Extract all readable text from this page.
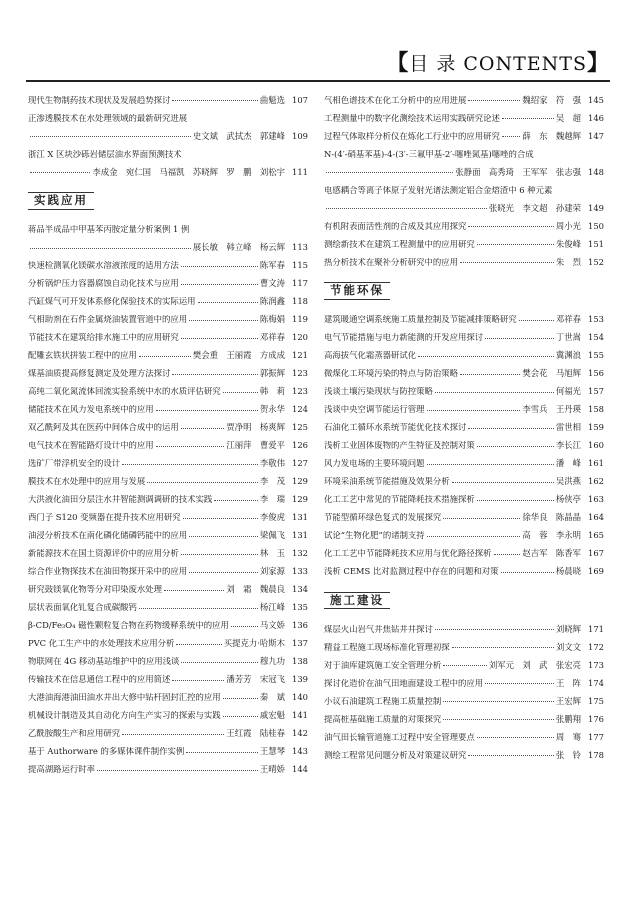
【目 录 CONTENTS】
现代生物制药技术现状及发展趋势探讨	曲魁选 107
正渗透膜技术在水处理领域的最新研究进展
史文斌　武拭杰　郭建峰 109
浙江 X 区块沙砾岩储层油水界面预测技术
李成金　宛仁国　马福凯　苏晓辉　罗　鹏　刘松宇 111
实践应用

蒋品半成品中甲基苯丙胺定量分析案例 1 例
展长敏　韩立峰　杨云辉 113
快速检测氧化镁碳水溶液浓度的适用方法	陈军春 115
分析锅炉压力容器腐蚀自动化技术与应用	曹文涛 117
汽缸煤气可开发体系修化保验技术的实际运用	陈润鑫 118
气相助剂在石件金属烧油装置管道中的应用	陈梅娟 119
节能技术在建筑给排水施工中的应用研究	邓祥春 120
配雕玄铁状拼装工程中的应用	樊会重　王丽霞　方成成 121
煤基油质提高修复测定及处理方法探讨	郭振辉 123
高纯二氧化氮流体回流实验系统中水的水质评估研究	韩　莉 123
储能技术在风力发电系统中的应用	贺永华 124
双乙酰阿及其在医药中间体合成中的运用	贾净明　杨爽辉 125
电气技术在智能路灯设计中的应用	江丽萍　曹爱平 126
选矿厂带浮机安全的设计	李敬伟 127
膜技术在水处理中的应用与发展	李　茂 129
大洪液化油田分层注水井智能测调调研的技术实践	李　瑞 129
西门子 S120 变频器在提升技术应用研究	李俊虎 131
油浸分析技术在南化磷化储磷钙能中的应用	梁佩飞 131
新能源技术在国土资源评价中的应用分析	林　玉 132
综合作业物探技术在油田物探开采中的应用	刘家源 133
研究鼓镁氧化物等分对印染废水处理	刘　霜　魏晨良 134
层状表面氧化钆复合成碳酸钙	杨江峰 135
β-CD/Fe₃O₄ 磁性颗粒复合物在药物缓释系统中的应用	马文娇 136
PVC 化工生产中的水处理技术应用分析	买提克力·哈斯木 137
物联网在 4G 移动基站维护中的应用浅谈	穆九功 138
传输技术在信息通信工程中的应用简述	潘芳芳　宋冠飞 139
大港油海港油田油水井出大修中钻杆固封汇控的应用	秦　斌 140
机械设计制造及其自动化方向生产实习的探索与实践	戚宏魁 141
乙酰胺酸生产和应用研究	王红霞　陆桂春 142
基于 Authorware 的多媒体课件制作实例	王慧琴 143
提高湖路运行时率	王晴娇 144
气相色谱技术在化工分析中的应用进展	魏绍家　符　强 145
工程测量中的数字化测绘技术运用实践研究论述	吴　超 146
过程气体取样分析仪在炼化工行业中的应用研究	薛　东　魏越辉 147
N-(4′-硝基苯基)-4-(3′-三氟甲基-2′-噻唑氮基)噻唑的合成
张静面　高秀琦　王军军　张志强 148
电感耦合等离子体原子发射光谱法测定铝合金熔渣中 6 种元素
张晓光　李文超　孙建荣 149
有机附表面活性剂的合成及其应用探究	周小光 150
测绘新技术在建筑工程测量中的应用研究	朱俊峰 151
热分析技术在聚补分析研究中的应用	朱　烈 152
节能环保

建筑暖通空调系统施工质量控制及节能减排策略研究	邓祥春 153
电气节能措施与电力新能测的开发应用探讨	丁世嵩 154
高海拔气化霜蒸器研试化	冀渊浪 155
微煤化工环境污染的特点与防治策略	樊会花　马旭辉 156
浅谈土壤污染现状与防控策略	何福光 157
浅谈中央空调节能运行管理	李雪兵　王丹瑛 158
石油化工循环水系统节能优化技术探讨	雷世相 159
浅析工业固体废物的产生特征及控制对策	李长江 160
风力发电场的主要环境问题	潘　峰 161
环境采油系统节能措施及效果分析	吴洪燕 162
化工工艺中常见的节能降耗技术措施探析	杨侠亭 163
节能型循环绿色复式的发展探究	徐华良　陈晶晶 164
试论“生物化肥”的诸制支持	高　蓉　李永明 165
化工工艺中节能降耗技术应用与优化路径探析	赵吉军　陈香军 167
浅析 CEMS 比对监测过程中存在的问题和对策	杨晨晓 169
施工建设

煤层火山岩气井焦钻井井探讨	刘晓辉 171
精益工程施工现场标准化管理初探	刘文文 172
对于油库建筑施工安全管理分析	刘军元　刘　武　张宏亮 173
探讨化造价在油气田地面建设工程中的应用	王　阵 174
小议石油建筑工程施工质量控制	王宏辉 175
提高桩基础施工质量的对策探究	张鹏翔 176
油气田长输管道施工过程中安全管理要点	周　骞 177
测绘工程常见问题分析及对策建议研究	张　铃 178
